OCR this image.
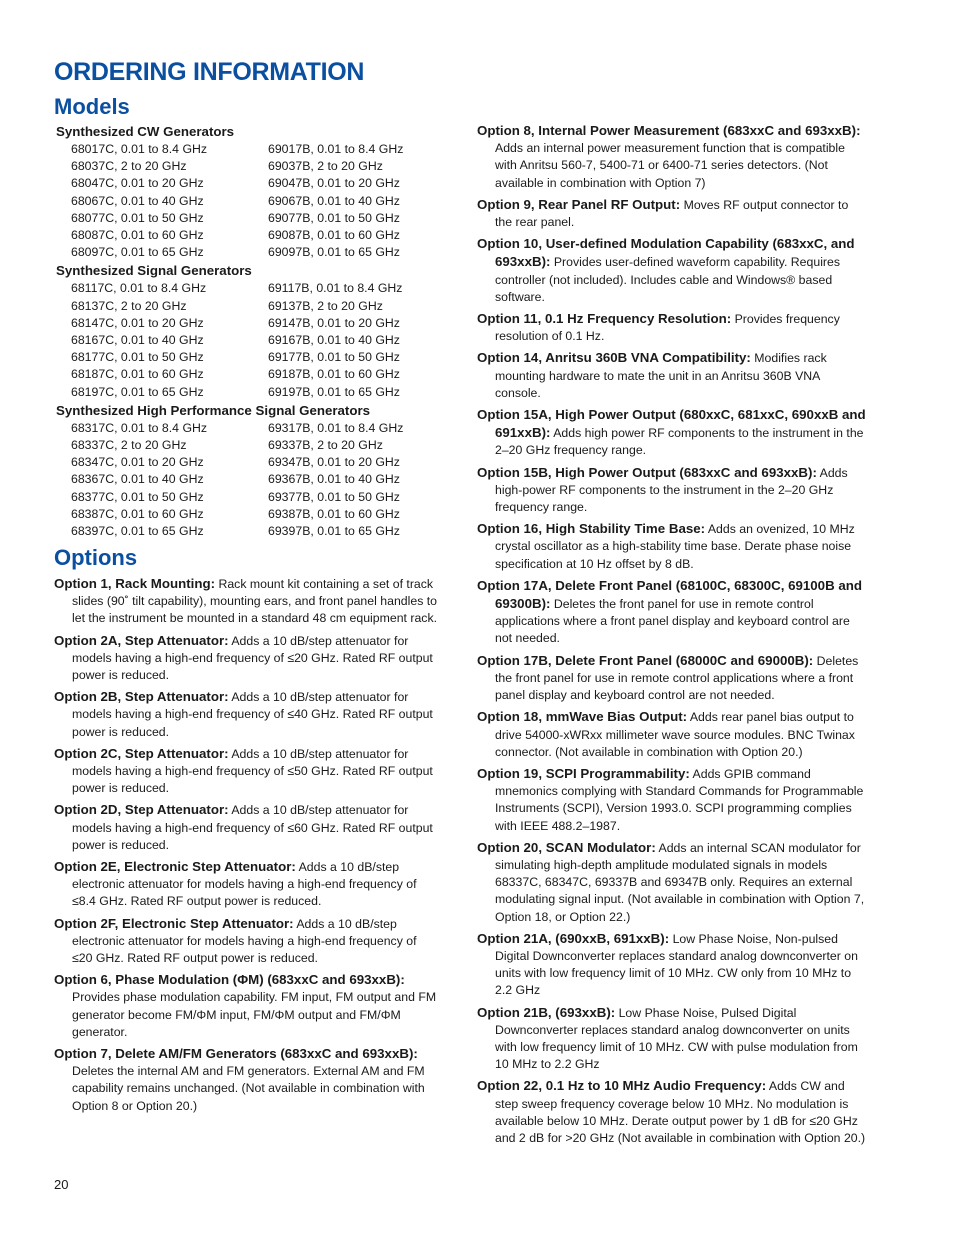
ORDERING INFORMATION
Models
Synthesized CW Generators
68017C, 0.01 to 8.4 GHz	69017B, 0.01 to 8.4 GHz
68037C, 2 to 20 GHz	69037B, 2 to 20 GHz
68047C, 0.01 to 20 GHz	69047B, 0.01 to 20 GHz
68067C, 0.01 to 40 GHz	69067B, 0.01 to 40 GHz
68077C, 0.01 to 50 GHz	69077B, 0.01 to 50 GHz
68087C, 0.01 to 60 GHz	69087B, 0.01 to 60 GHz
68097C, 0.01 to 65 GHz	69097B, 0.01 to 65 GHz
Synthesized Signal Generators
68117C, 0.01 to 8.4 GHz	69117B, 0.01 to 8.4 GHz
68137C, 2 to 20 GHz	69137B, 2 to 20 GHz
68147C, 0.01 to 20 GHz	69147B, 0.01 to 20 GHz
68167C, 0.01 to 40 GHz	69167B, 0.01 to 40 GHz
68177C, 0.01 to 50 GHz	69177B, 0.01 to 50 GHz
68187C, 0.01 to 60 GHz	69187B, 0.01 to 60 GHz
68197C, 0.01 to 65 GHz	69197B, 0.01 to 65 GHz
Synthesized High Performance Signal Generators
68317C, 0.01 to 8.4 GHz	69317B, 0.01 to 8.4 GHz
68337C, 2 to 20 GHz	69337B, 2 to 20 GHz
68347C, 0.01 to 20 GHz	69347B, 0.01 to 20 GHz
68367C, 0.01 to 40 GHz	69367B, 0.01 to 40 GHz
68377C, 0.01 to 50 GHz	69377B, 0.01 to 50 GHz
68387C, 0.01 to 60 GHz	69387B, 0.01 to 60 GHz
68397C, 0.01 to 65 GHz	69397B, 0.01 to 65 GHz
Options

Option 1, Rack Mounting: Rack mount kit containing a set of track slides (90˚ tilt capability), mounting ears, and front panel handles to let the instrument be mounted in a standard 48 cm equipment rack.

Option 2A, Step Attenuator: Adds a 10 dB/step attenuator for models having a high-end frequency of ≤20 GHz. Rated RF output power is reduced.

Option 2B, Step Attenuator: Adds a 10 dB/step attenuator for models having a high-end frequency of ≤40 GHz. Rated RF output power is reduced.

Option 2C, Step Attenuator: Adds a 10 dB/step attenuator for models having a high-end frequency of ≤50 GHz. Rated RF output power is reduced.

Option 2D, Step Attenuator: Adds a 10 dB/step attenuator for models having a high-end frequency of ≤60 GHz. Rated RF output power is reduced.

Option 2E, Electronic Step Attenuator: Adds a 10 dB/step electronic attenuator for models having a high-end frequency of ≤8.4 GHz. Rated RF output power is reduced.

Option 2F, Electronic Step Attenuator: Adds a 10 dB/step electronic attenuator for models having a high-end frequency of ≤20 GHz. Rated RF output power is reduced.

Option 6, Phase Modulation (ΦM) (683xxC and 693xxB): Provides phase modulation capability. FM input, FM output and FM generator become FM/ΦM input, FM/ΦM output and FM/ΦM generator.

Option 7, Delete AM/FM Generators (683xxC and 693xxB): Deletes the internal AM and FM generators. External AM and FM capability remains unchanged. (Not available in combination with Option 8 or Option 20.)

Option 8, Internal Power Measurement (683xxC and 693xxB): Adds an internal power measurement function that is compatible with Anritsu 560-7, 5400-71 or 6400-71 series detectors. (Not available in combination with Option 7)

Option 9, Rear Panel RF Output: Moves RF output connector to the rear panel.

Option 10, User-defined Modulation Capability (683xxC, and 693xxB): Provides user-defined waveform capability. Requires controller (not included). Includes cable and Windows® based software.

Option 11, 0.1 Hz Frequency Resolution: Provides frequency resolution of 0.1 Hz.

Option 14, Anritsu 360B VNA Compatibility: Modifies rack mounting hardware to mate the unit in an Anritsu 360B VNA console.

Option 15A, High Power Output (680xxC, 681xxC, 690xxB and 691xxB): Adds high power RF components to the instrument in the 2–20 GHz frequency range.

Option 15B, High Power Output (683xxC and 693xxB): Adds high-power RF components to the instrument in the 2–20 GHz frequency range.

Option 16, High Stability Time Base: Adds an ovenized, 10 MHz crystal oscillator as a high-stability time base. Derate phase noise specification at 10 Hz offset by 8 dB.

Option 17A, Delete Front Panel (68100C, 68300C, 69100B and 69300B): Deletes the front panel for use in remote control applications where a front panel display and keyboard control are not needed.

Option 17B, Delete Front Panel (68000C and 69000B): Deletes the front panel for use in remote control applications where a front panel display and keyboard control are not needed.

Option 18, mmWave Bias Output: Adds rear panel bias output to drive 54000-xWRxx millimeter wave source modules. BNC Twinax connector. (Not available in combination with Option 20.)

Option 19, SCPI Programmability: Adds GPIB command mnemonics complying with Standard Commands for Programmable Instruments (SCPI), Version 1993.0. SCPI programming complies with IEEE 488.2–1987.

Option 20, SCAN Modulator: Adds an internal SCAN modulator for simulating high-depth amplitude modulated signals in models 68337C, 68347C, 69337B and 69347B only. Requires an external modulating signal input. (Not available in combination with Option 7, Option 18, or Option 22.)

Option 21A, (690xxB, 691xxB): Low Phase Noise, Non-pulsed Digital Downconverter replaces standard analog downconverter on units with low frequency limit of 10 MHz. CW only from 10 MHz to 2.2 GHz

Option 21B, (693xxB): Low Phase Noise, Pulsed Digital Downconverter replaces standard analog downconverter on units with low frequency limit of 10 MHz. CW with pulse modulation from 10 MHz to 2.2 GHz

Option 22, 0.1 Hz to 10 MHz Audio Frequency: Adds CW and step sweep frequency coverage below 10 MHz. No modulation is available below 10 MHz. Derate output power by 1 dB for ≤20 GHz and 2 dB for >20 GHz (Not available in combination with Option 20.)

20
